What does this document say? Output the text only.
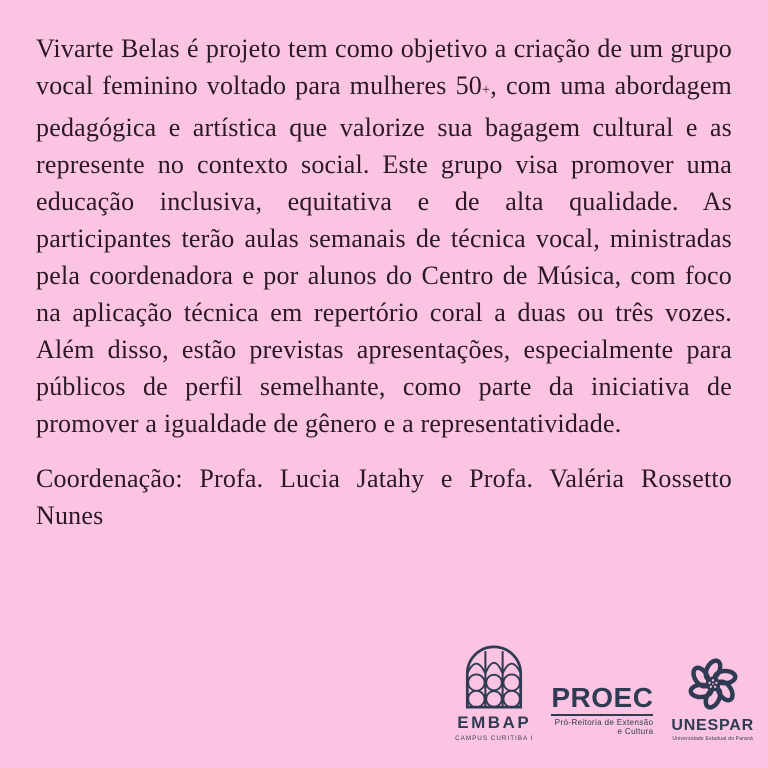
Vivarte Belas é projeto tem como objetivo a criação de um grupo vocal feminino voltado para mulheres 50+, com uma abordagem pedagógica e artística que valorize sua bagagem cultural e as represente no contexto social. Este grupo visa promover uma educação inclusiva, equitativa e de alta qualidade. As participantes terão aulas semanais de técnica vocal, ministradas pela coordenadora e por alunos do Centro de Música, com foco na aplicação técnica em repertório coral a duas ou três vozes. Além disso, estão previstas apresentações, especialmente para públicos de perfil semelhante, como parte da iniciativa de promover a igualdade de gênero e a representatividade.
Coordenação: Profa. Lucia Jatahy e Profa. Valéria Rossetto Nunes
EMBAP
CAMPUS CURITIBA I
PROEC
Pró-Reitoria de Extensão
e Cultura UNESPAR
Universidade Estadual do Paraná
